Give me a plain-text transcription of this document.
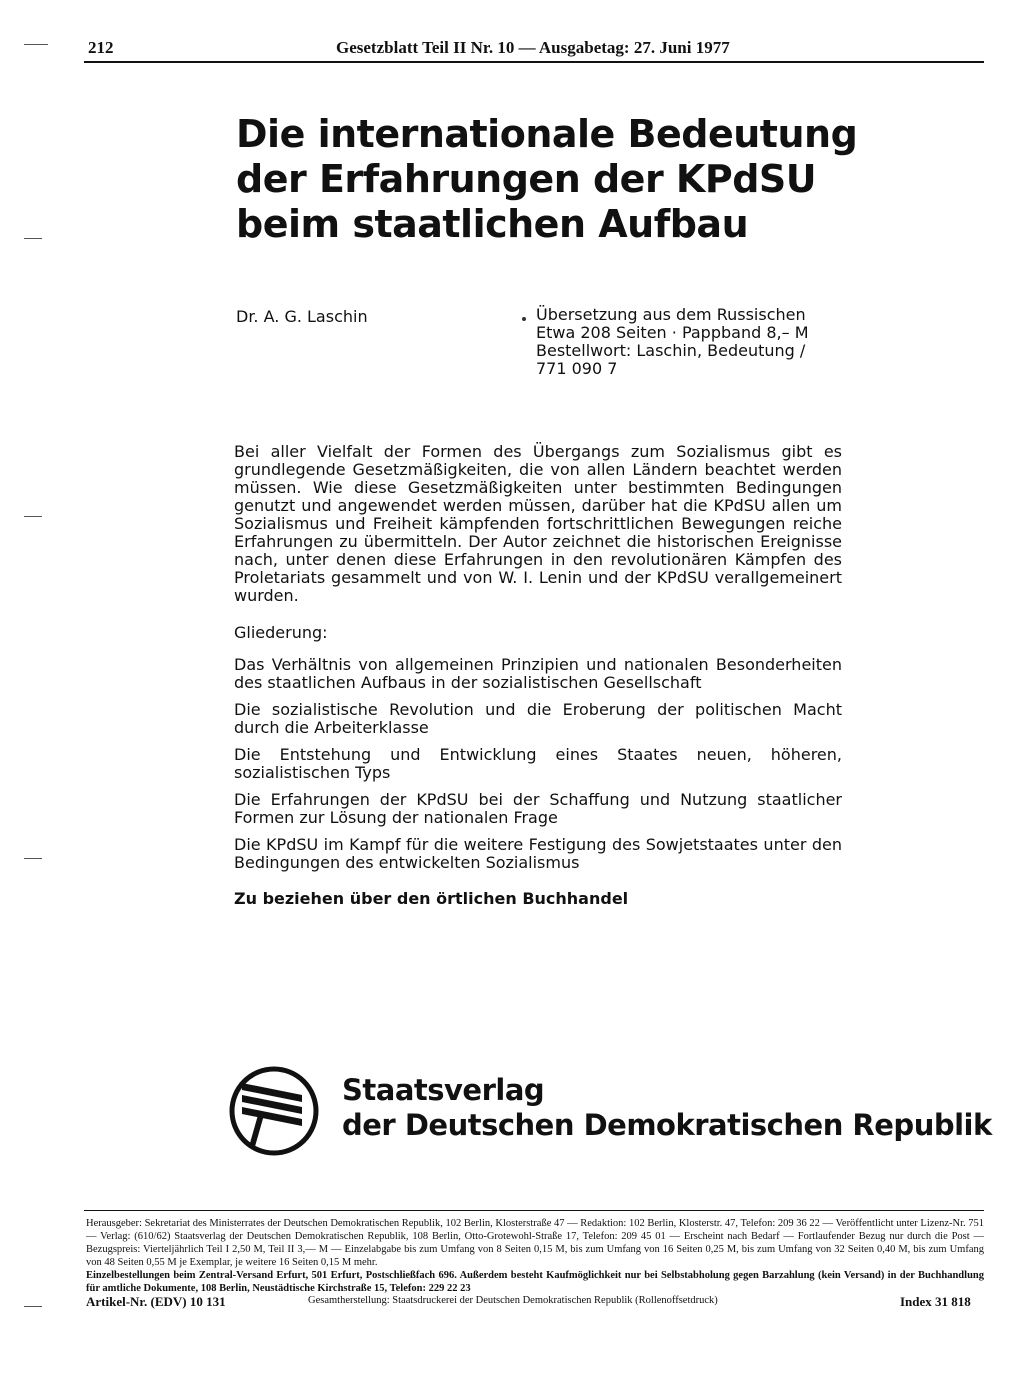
212	Gesetzblatt Teil II Nr. 10 — Ausgabetag: 27. Juni 1977
Die internationale Bedeutung
der Erfahrungen der KPdSU
beim staatlichen Aufbau
Dr. A. G. Laschin	Übersetzung aus dem Russischen
Etwa 208 Seiten · Pappband 8,– M
Bestellwort: Laschin, Bedeutung /
771 090 7
Bei aller Vielfalt der Formen des Übergangs zum Sozialismus gibt es grundlegende Gesetzmäßigkeiten, die von allen Ländern beachtet werden müssen. Wie diese Gesetzmäßigkeiten unter bestimmten Bedingungen genutzt und angewendet werden müssen, darüber hat die KPdSU allen um Sozialismus und Freiheit kämpfenden fortschrittlichen Bewegungen reiche Erfahrungen zu übermitteln. Der Autor zeichnet die historischen Ereignisse nach, unter denen diese Erfahrungen in den revolutionären Kämpfen des Proletariats gesammelt und von W. I. Lenin und der KPdSU verallgemeinert wurden.
Gliederung:
Das Verhältnis von allgemeinen Prinzipien und nationalen Besonderheiten des staatlichen Aufbaus in der sozialistischen Gesellschaft
Die sozialistische Revolution und die Eroberung der politischen Macht durch die Arbeiterklasse
Die Entstehung und Entwicklung eines Staates neuen, höheren, sozialistischen Typs
Die Erfahrungen der KPdSU bei der Schaffung und Nutzung staatlicher Formen zur Lösung der nationalen Frage
Die KPdSU im Kampf für die weitere Festigung des Sowjetstaates unter den Bedingungen des entwickelten Sozialismus
Zu beziehen über den örtlichen Buchhandel
Staatsverlag
der Deutschen Demokratischen Republik

Herausgeber: Sekretariat des Ministerrates der Deutschen Demokratischen Republik, 102 Berlin, Klosterstraße 47 — Redaktion: 102 Berlin, Klosterstr. 47, Telefon: 209 36 22 — Veröffentlicht unter Lizenz-Nr. 751 — Verlag: (610/62) Staatsverlag der Deutschen Demokratischen Republik, 108 Berlin, Otto-Grotewohl-Straße 17, Telefon: 209 45 01 — Erscheint nach Bedarf — Fortlaufender Bezug nur durch die Post — Bezugspreis: Vierteljährlich Teil I 2,50 M, Teil II 3,— M — Einzelabgabe bis zum Umfang von 8 Seiten 0,15 M, bis zum Umfang von 16 Seiten 0,25 M, bis zum Umfang von 32 Seiten 0,40 M, bis zum Umfang von 48 Seiten 0,55 M je Exemplar, je weitere 16 Seiten 0,15 M mehr.

Einzelbestellungen beim Zentral-Versand Erfurt, 501 Erfurt, Postschließfach 696. Außerdem besteht Kaufmöglichkeit nur bei Selbstabholung gegen Barzahlung (kein Versand) in der Buchhandlung für amtliche Dokumente, 108 Berlin, Neustädtische Kirchstraße 15, Telefon: 229 22 23

Artikel-Nr. (EDV) 10 131	Gesamtherstellung: Staatsdruckerei der Deutschen Demokratischen Republik (Rollenoffsetdruck)	Index 31 818
